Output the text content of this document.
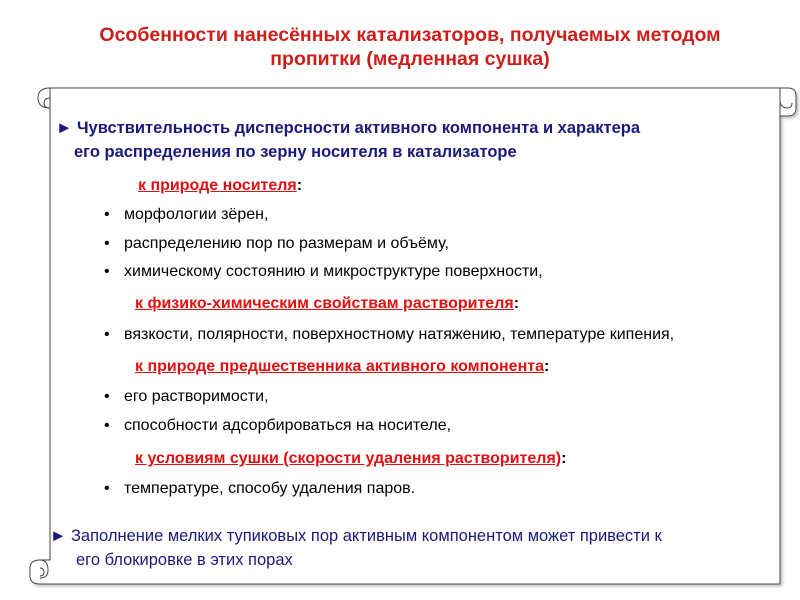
Особенности нанесённых катализаторов, получаемых методом
пропитки (медленная сушка)
► Чувствительность дисперсности активного компонента и характера
его распределения по зерну носителя в катализаторе
к природе носителя:
• морфологии зёрен,
• распределению пор по размерам и объёму,
• химическому состоянию и микроструктуре поверхности,
к физико-химическим свойствам растворителя:
• вязкости, полярности, поверхностному натяжению, температуре кипения,
к природе предшественника активного компонента:
• его растворимости,
• способности адсорбироваться на носителе,
к условиям сушки (скорости удаления растворителя):
• температуре, способу удаления паров.
► Заполнение мелких тупиковых пор активным компонентом может привести к
его блокировке в этих порах
